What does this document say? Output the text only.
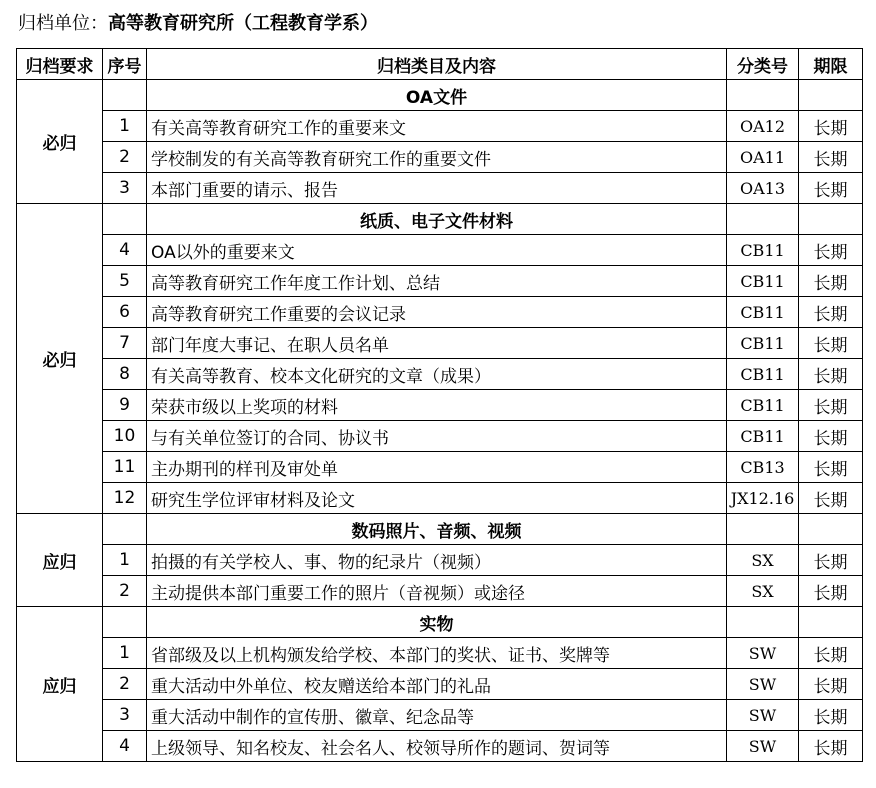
归档单位：高等教育研究所（工程教育学系）
归档要求	序号	归档类目及内容	分类号	期限
必归		OA文件		
	1	有关高等教育研究工作的重要来文	OA12	长期
	2	学校制发的有关高等教育研究工作的重要文件	OA11	长期
	3	本部门重要的请示、报告	OA13	长期
必归		纸质、电子文件材料		
	4	OA以外的重要来文	CB11	长期
	5	高等教育研究工作年度工作计划、总结	CB11	长期
	6	高等教育研究工作重要的会议记录	CB11	长期
	7	部门年度大事记、在职人员名单	CB11	长期
	8	有关高等教育、校本文化研究的文章（成果）	CB11	长期
	9	荣获市级以上奖项的材料	CB11	长期
	10	与有关单位签订的合同、协议书	CB11	长期
	11	主办期刊的样刊及审处单	CB13	长期
	12	研究生学位评审材料及论文	JX12.16	长期
应归		数码照片、音频、视频		
	1	拍摄的有关学校人、事、物的纪录片（视频）	SX	长期
	2	主动提供本部门重要工作的照片（音视频）或途径	SX	长期
应归		实物		
	1	省部级及以上机构颁发给学校、本部门的奖状、证书、奖牌等	SW	长期
	2	重大活动中外单位、校友赠送给本部门的礼品	SW	长期
	3	重大活动中制作的宣传册、徽章、纪念品等	SW	长期
	4	上级领导、知名校友、社会名人、校领导所作的题词、贺词等	SW	长期
